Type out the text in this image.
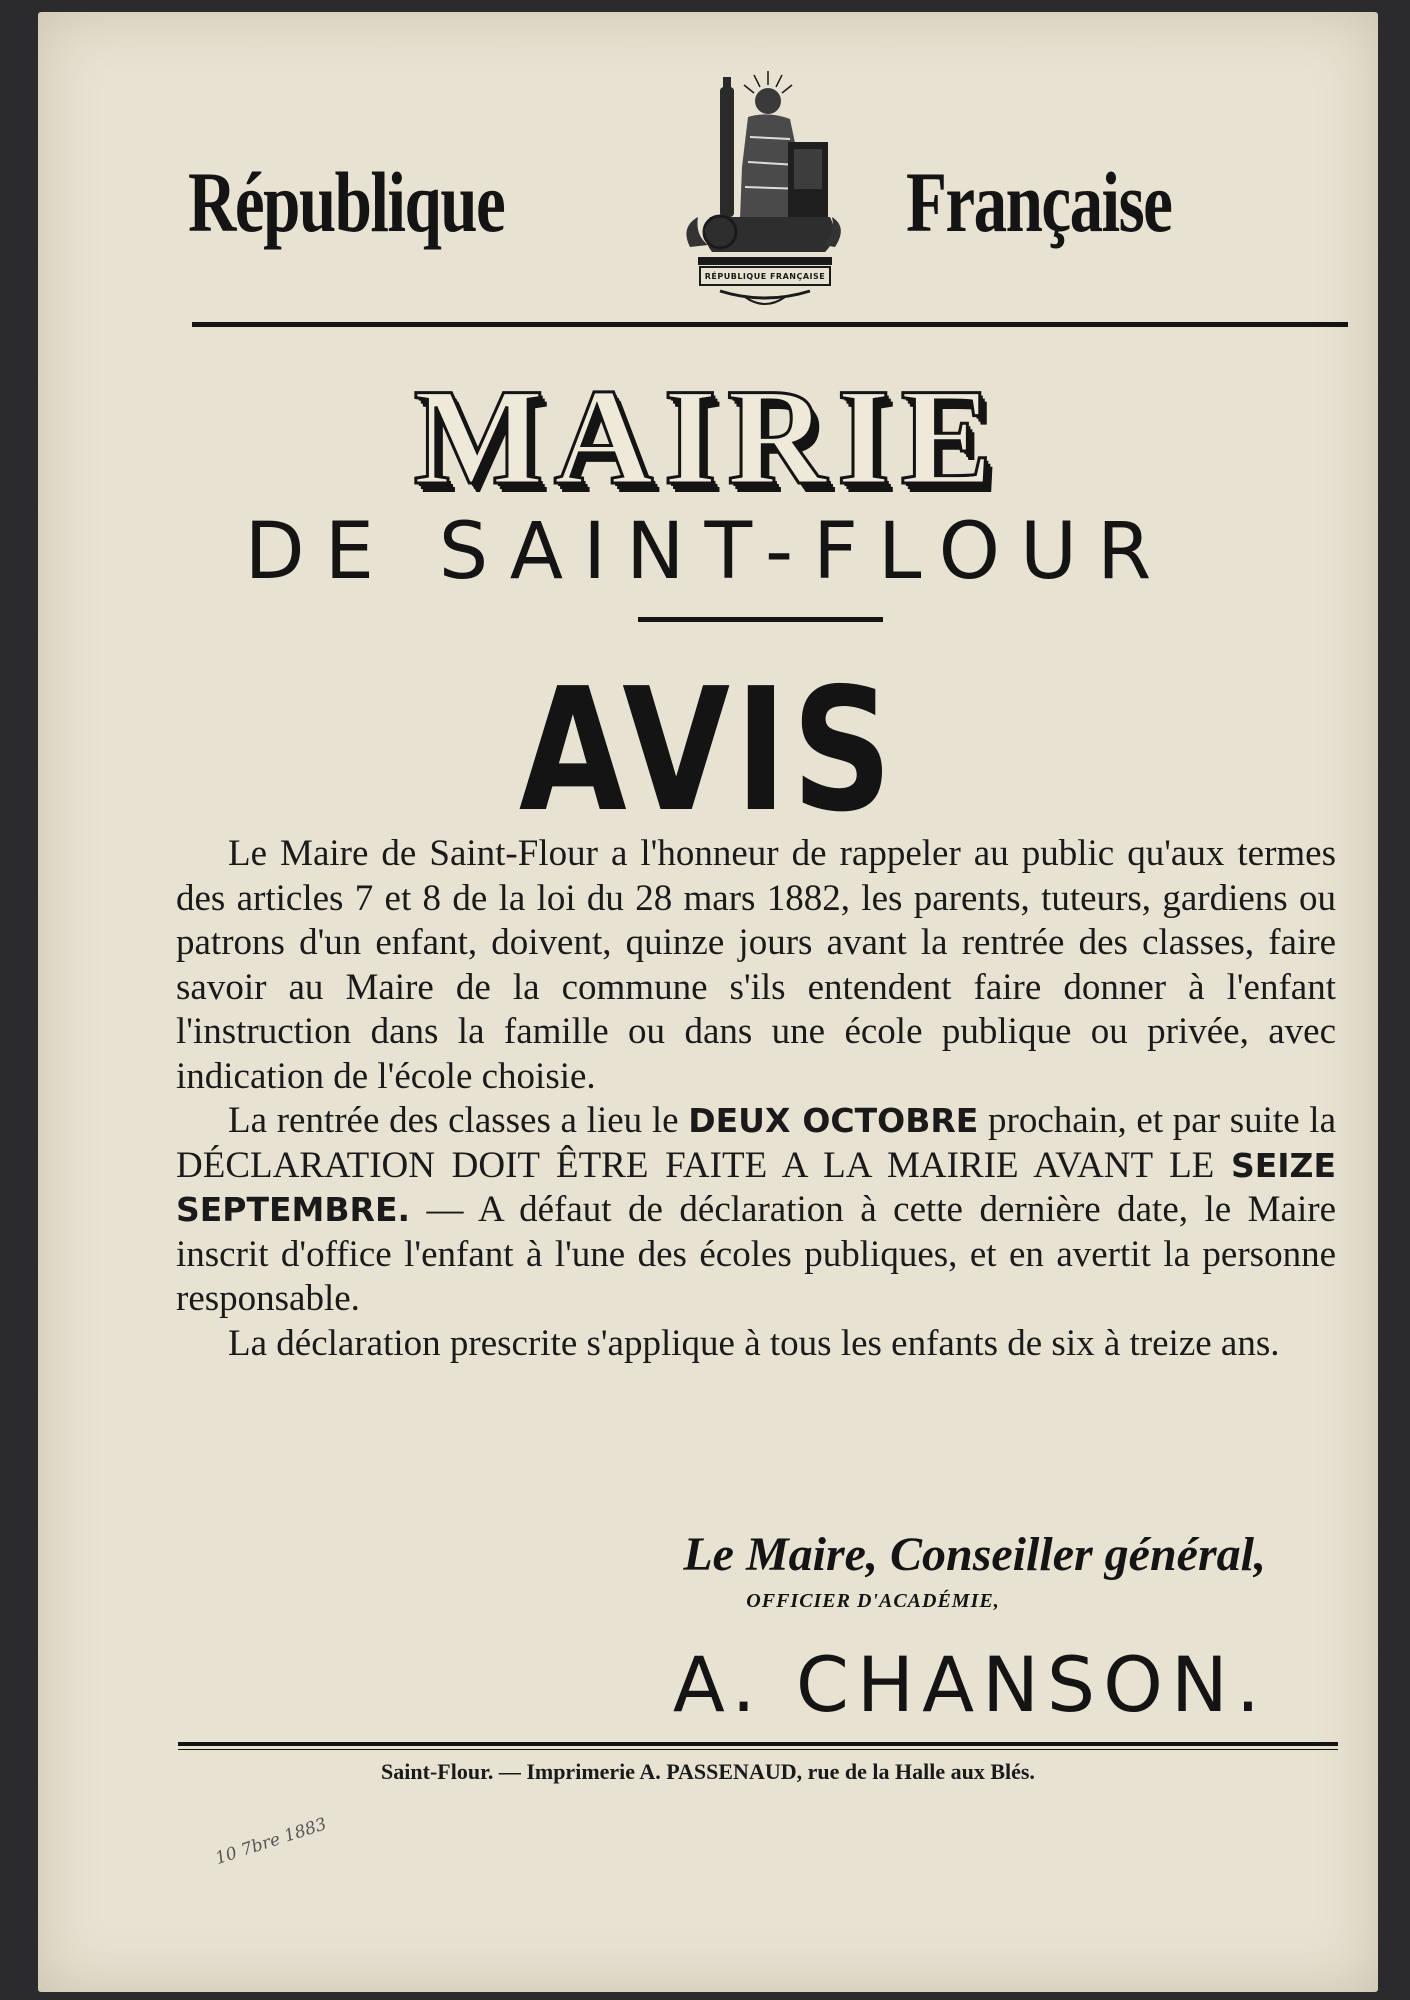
République	Française
RÉPUBLIQUE FRANÇAISE
MAIRIE
DE SAINT-FLOUR
AVIS

Le Maire de Saint-Flour a l'honneur de rappeler au public qu'aux termes des articles 7 et 8 de la loi du 28 mars 1882, les parents, tuteurs, gardiens ou patrons d'un enfant, doivent, quinze jours avant la rentrée des classes, faire savoir au Maire de la commune s'ils entendent faire donner à l'enfant l'instruction dans la famille ou dans une école publique ou privée, avec indication de l'école choisie.

La rentrée des classes a lieu le DEUX OCTOBRE prochain, et par suite la DÉCLARATION DOIT ÊTRE FAITE A LA MAIRIE AVANT LE SEIZE SEPTEMBRE. — A défaut de déclaration à cette dernière date, le Maire inscrit d'office l'enfant à l'une des écoles publiques, et en avertit la personne responsable.

La déclaration prescrite s'applique à tous les enfants de six à treize ans.

Le Maire, Conseiller général,
OFFICIER D'ACADÉMIE,
A. CHANSON.
Saint-Flour. — Imprimerie A. PASSENAUD, rue de la Halle aux Blés.
10 7bre 1883
